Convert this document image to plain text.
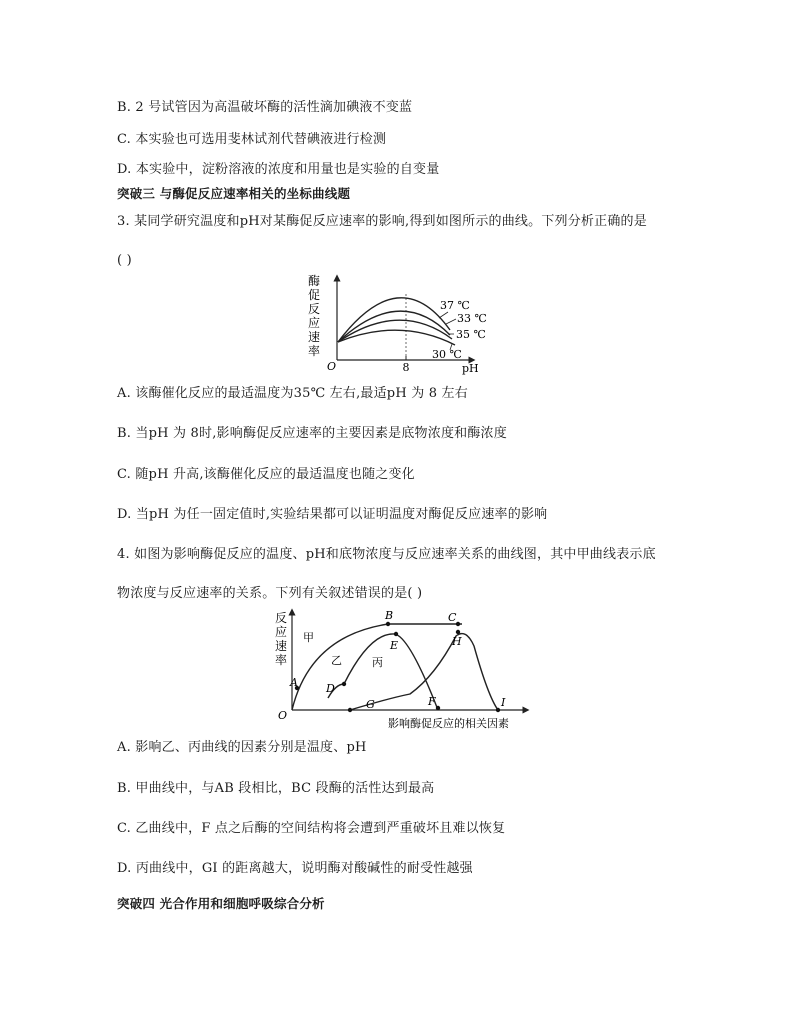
B. 2 号试管因为高温破坏酶的活性滴加碘液不变蓝
C. 本实验也可选用斐林试剂代替碘液进行检测
D. 本实验中，淀粉溶液的浓度和用量也是实验的自变量
突破三 与酶促反应速率相关的坐标曲线题
3. 某同学研究温度和pH对某酶促反应速率的影响,得到如图所示的曲线。下列分析正确的是
( )
酶
促
反
应
速
率
O	8	pH
37 ℃
33 ℃
35 ℃
30 ℃
A. 该酶催化反应的最适温度为35℃ 左右,最适pH 为 8 左右
B. 当pH 为 8时,影响酶促反应速率的主要因素是底物浓度和酶浓度
C. 随pH 升高,该酶催化反应的最适温度也随之变化
D. 当pH 为任一固定值时,实验结果都可以证明温度对酶促反应速率的影响
4. 如图为影响酶促反应的温度、pH和底物浓度与反应速率关系的曲线图，其中甲曲线表示底
物浓度与反应速率的关系。下列有关叙述错误的是( )
反
应
速
率
O
影响酶促反应的相关因素
A
B	C
D
E
F
G
H
I
甲
乙	丙
A. 影响乙、丙曲线的因素分别是温度、pH
B. 甲曲线中，与AB 段相比，BC 段酶的活性达到最高
C. 乙曲线中，F 点之后酶的空间结构将会遭到严重破坏且难以恢复
D. 丙曲线中，GI 的距离越大，说明酶对酸碱性的耐受性越强
突破四 光合作用和细胞呼吸综合分析
